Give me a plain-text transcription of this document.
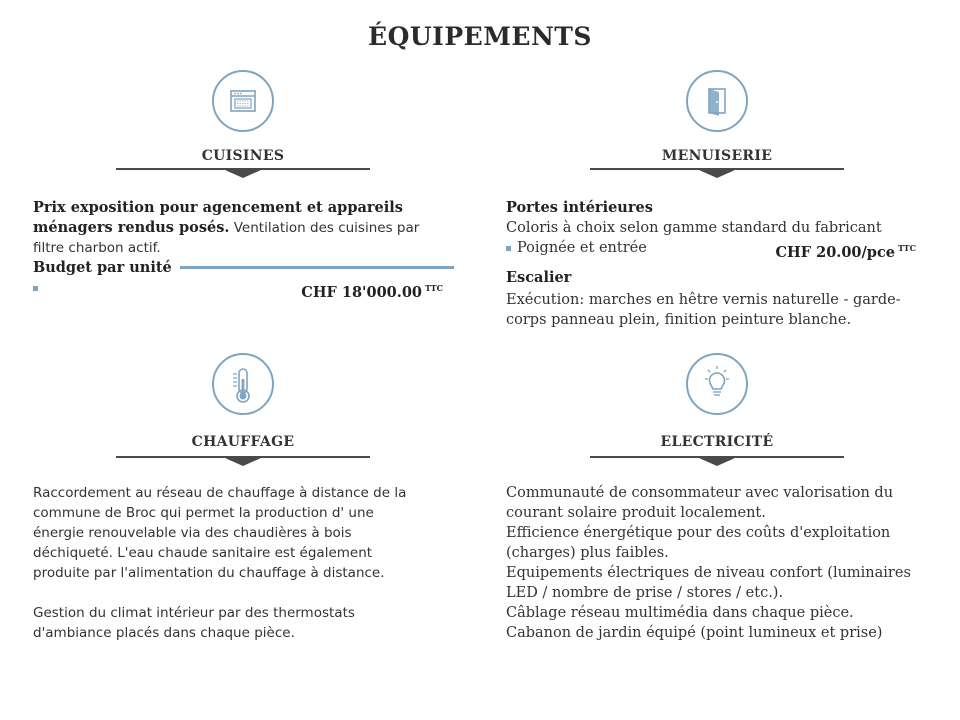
ÉQUIPEMENTS
CUISINES

Prix exposition pour agencement et appareils ménagers rendus posés. Ventilation des cuisines par filtre charbon actif.

Budget par unité
CHF 18'000.00 $^{TTC}$
MENUISERIE
Portes intérieures
Coloris à choix selon gamme standard du fabricant
Poignée et entrée	CHF 20.00/pce $^{TTC}$
Escalier
Exécution: marches en hêtre vernis naturelle - garde-corps panneau plein, finition peinture blanche.
CHAUFFAGE
Raccordement au réseau de chauffage à distance de la commune de Broc qui permet la production d' une énergie renouvelable via des chaudières à bois déchiqueté. L'eau chaude sanitaire est également produite par l'alimentation du chauffage à distance.
Gestion du climat intérieur par des thermostats d'ambiance placés dans chaque pièce.
ELECTRICITÉ

Communauté de consommateur avec valorisation du courant solaire produit localement.

Efficience énergétique pour des coûts d'exploitation (charges) plus faibles.

Equipements électriques de niveau confort (luminaires LED / nombre de prise / stores / etc.).

Câblage réseau multimédia dans chaque pièce.

Cabanon de jardin équipé (point lumineux et prise)
